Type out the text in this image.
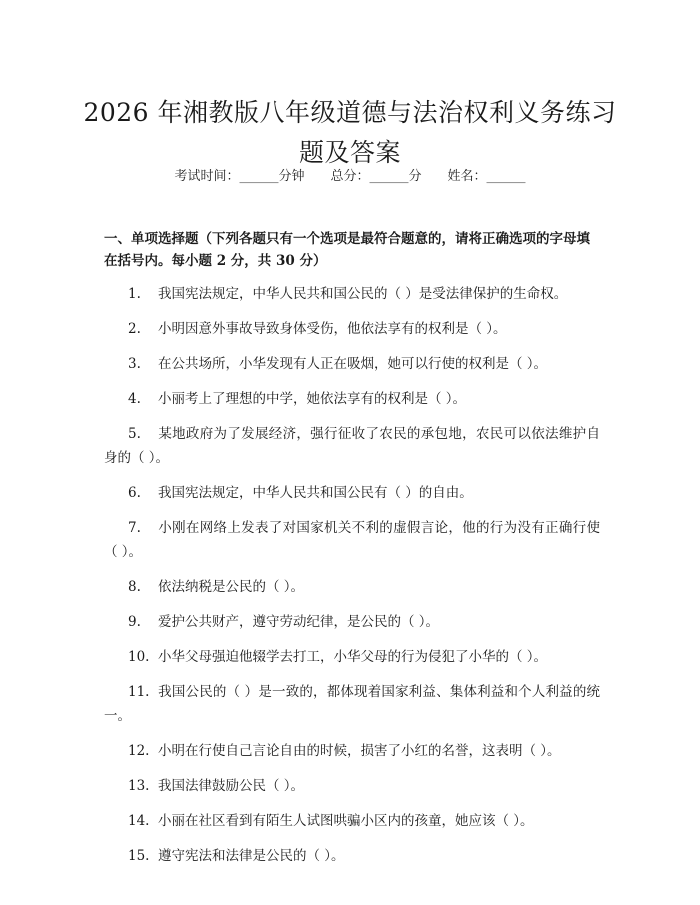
2026 年湘教版八年级道德与法治权利义务练习题及答案
考试时间：______分钟 总分：______分 姓名：______
一、单项选择题（下列各题只有一个选项是最符合题意的，请将正确选项的字母填在括号内。每小题 2 分，共 30 分）
1. 我国宪法规定，中华人民共和国公民的（ ）是受法律保护的生命权。
2. 小明因意外事故导致身体受伤，他依法享有的权利是（ ）。
3. 在公共场所，小华发现有人正在吸烟，她可以行使的权利是（ ）。
4. 小丽考上了理想的中学，她依法享有的权利是（ ）。
5. 某地政府为了发展经济，强行征收了农民的承包地，农民可以依法维护自身的（ ）。
6. 我国宪法规定，中华人民共和国公民有（ ）的自由。
7. 小刚在网络上发表了对国家机关不利的虚假言论，他的行为没有正确行使（ ）。
8. 依法纳税是公民的（ ）。
9. 爱护公共财产，遵守劳动纪律，是公民的（ ）。
10. 小华父母强迫他辍学去打工，小华父母的行为侵犯了小华的（ ）。
11. 我国公民的（ ）是一致的，都体现着国家利益、集体利益和个人利益的统一。
12. 小明在行使自己言论自由的时候，损害了小红的名誉，这表明（ ）。
13. 我国法律鼓励公民（ ）。
14. 小丽在社区看到有陌生人试图哄骗小区内的孩童，她应该（ ）。
15. 遵守宪法和法律是公民的（ ）。
